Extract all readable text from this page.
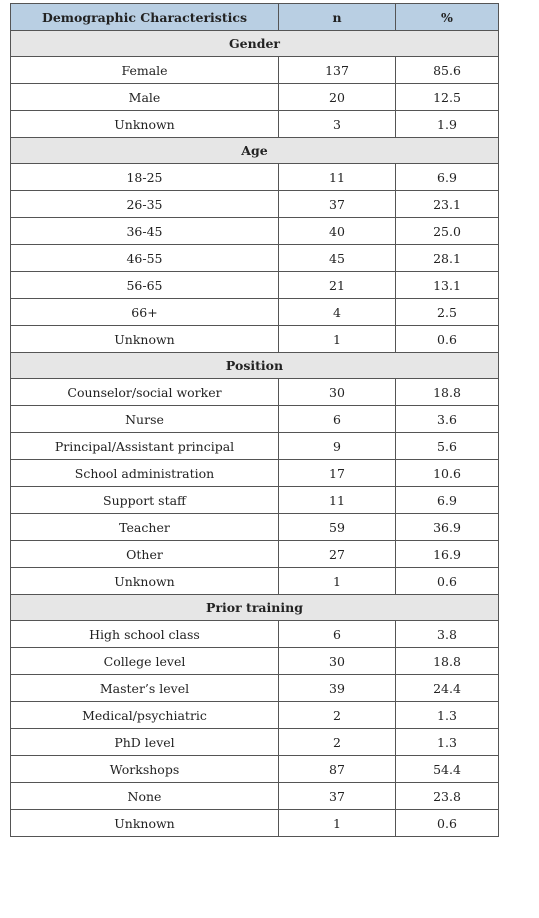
Demographic Characteristics	n	%
Gender		
Female	137	85.6
Male	20	12.5
Unknown	3	1.9
Age		
18-25	11	6.9
26-35	37	23.1
36-45	40	25.0
46-55	45	28.1
56-65	21	13.1
66+	4	2.5
Unknown	1	0.6
Position		
Counselor/social worker	30	18.8
Nurse	6	3.6
Principal/Assistant principal	9	5.6
School administration	17	10.6
Support staff	11	6.9
Teacher	59	36.9
Other	27	16.9
Unknown	1	0.6
Prior training		
High school class	6	3.8
College level	30	18.8
Master’s level	39	24.4
Medical/psychiatric	2	1.3
PhD level	2	1.3
Workshops	87	54.4
None	37	23.8
Unknown	1	0.6
